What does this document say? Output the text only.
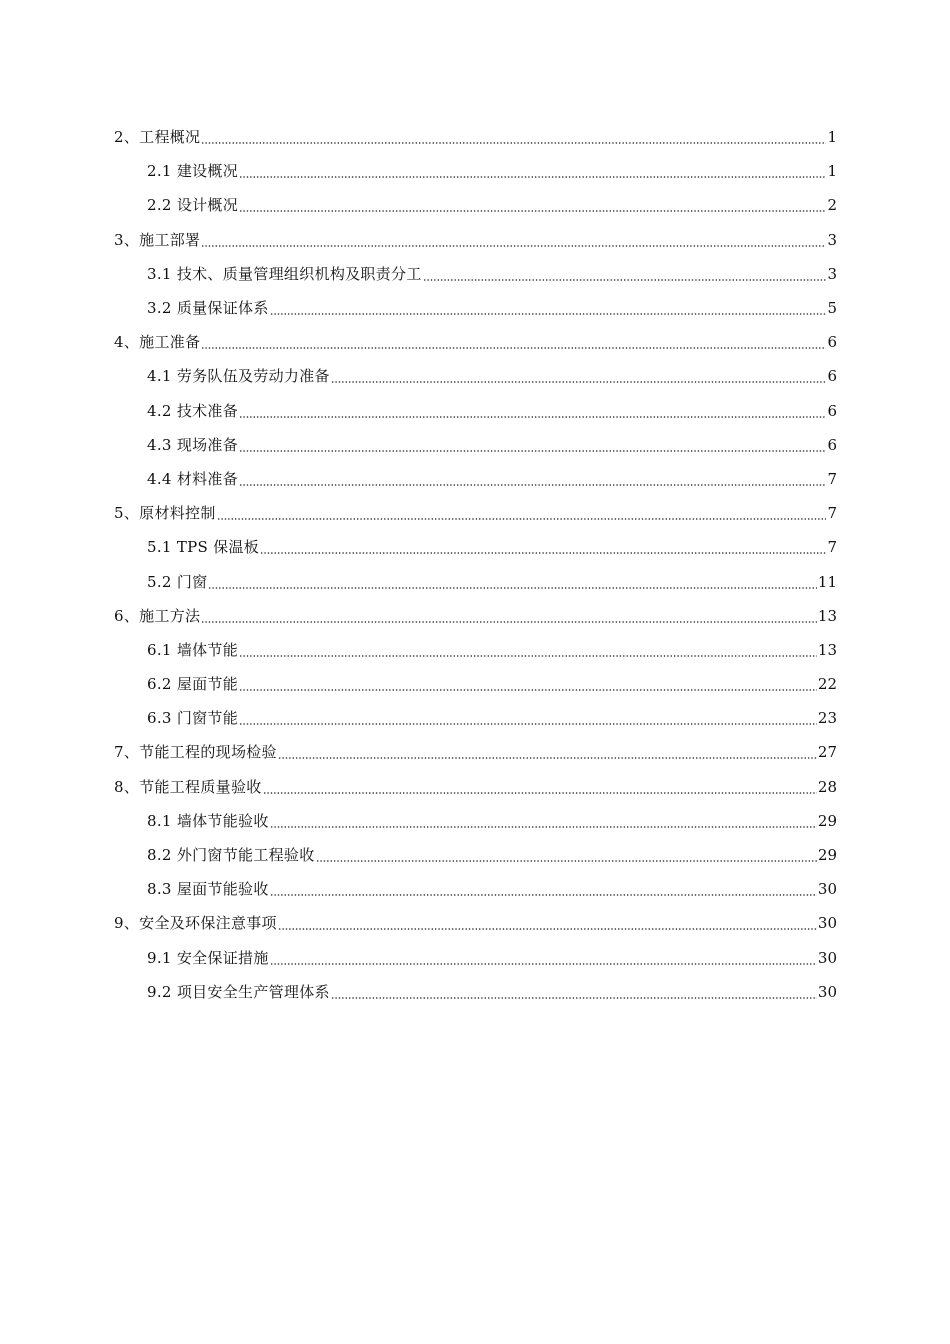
2、工程概况	1
2.1 建设概况	1
2.2 设计概况	2
3、施工部署	3
3.1 技术、质量管理组织机构及职责分工	3
3.2 质量保证体系	5
4、施工准备	6
4.1 劳务队伍及劳动力准备	6
4.2 技术准备	6
4.3 现场准备	6
4.4 材料准备	7
5、原材料控制	7
5.1 TPS 保温板	7
5.2 门窗	11
6、施工方法	13
6.1 墙体节能	13
6.2 屋面节能	22
6.3 门窗节能	23
7、节能工程的现场检验	27
8、节能工程质量验收	28
8.1 墙体节能验收	29
8.2 外门窗节能工程验收	29
8.3 屋面节能验收	30
9、安全及环保注意事项	30
9.1 安全保证措施	30
9.2 项目安全生产管理体系	30
